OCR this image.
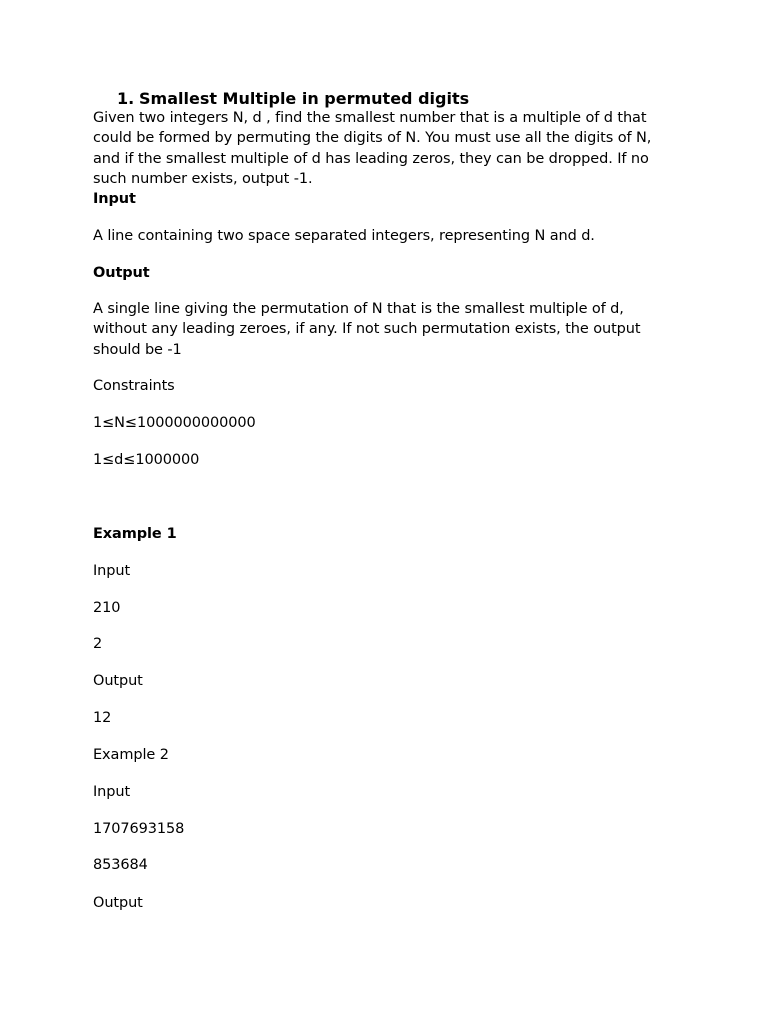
1. Smallest Multiple in permuted digits
Given two integers N, d , find the smallest number that is a multiple of d that
could be formed by permuting the digits of N. You must use all the digits of N,
and if the smallest multiple of d has leading zeros, they can be dropped. If no
such number exists, output -1.
Input
A line containing two space separated integers, representing N and d.
Output
A single line giving the permutation of N that is the smallest multiple of d,
without any leading zeroes, if any. If not such permutation exists, the output
should be -1
Constraints
1≤N≤1000000000000
1≤d≤1000000
Example 1
Input
210
2
Output
12
Example 2
Input
1707693158
853684
Output
